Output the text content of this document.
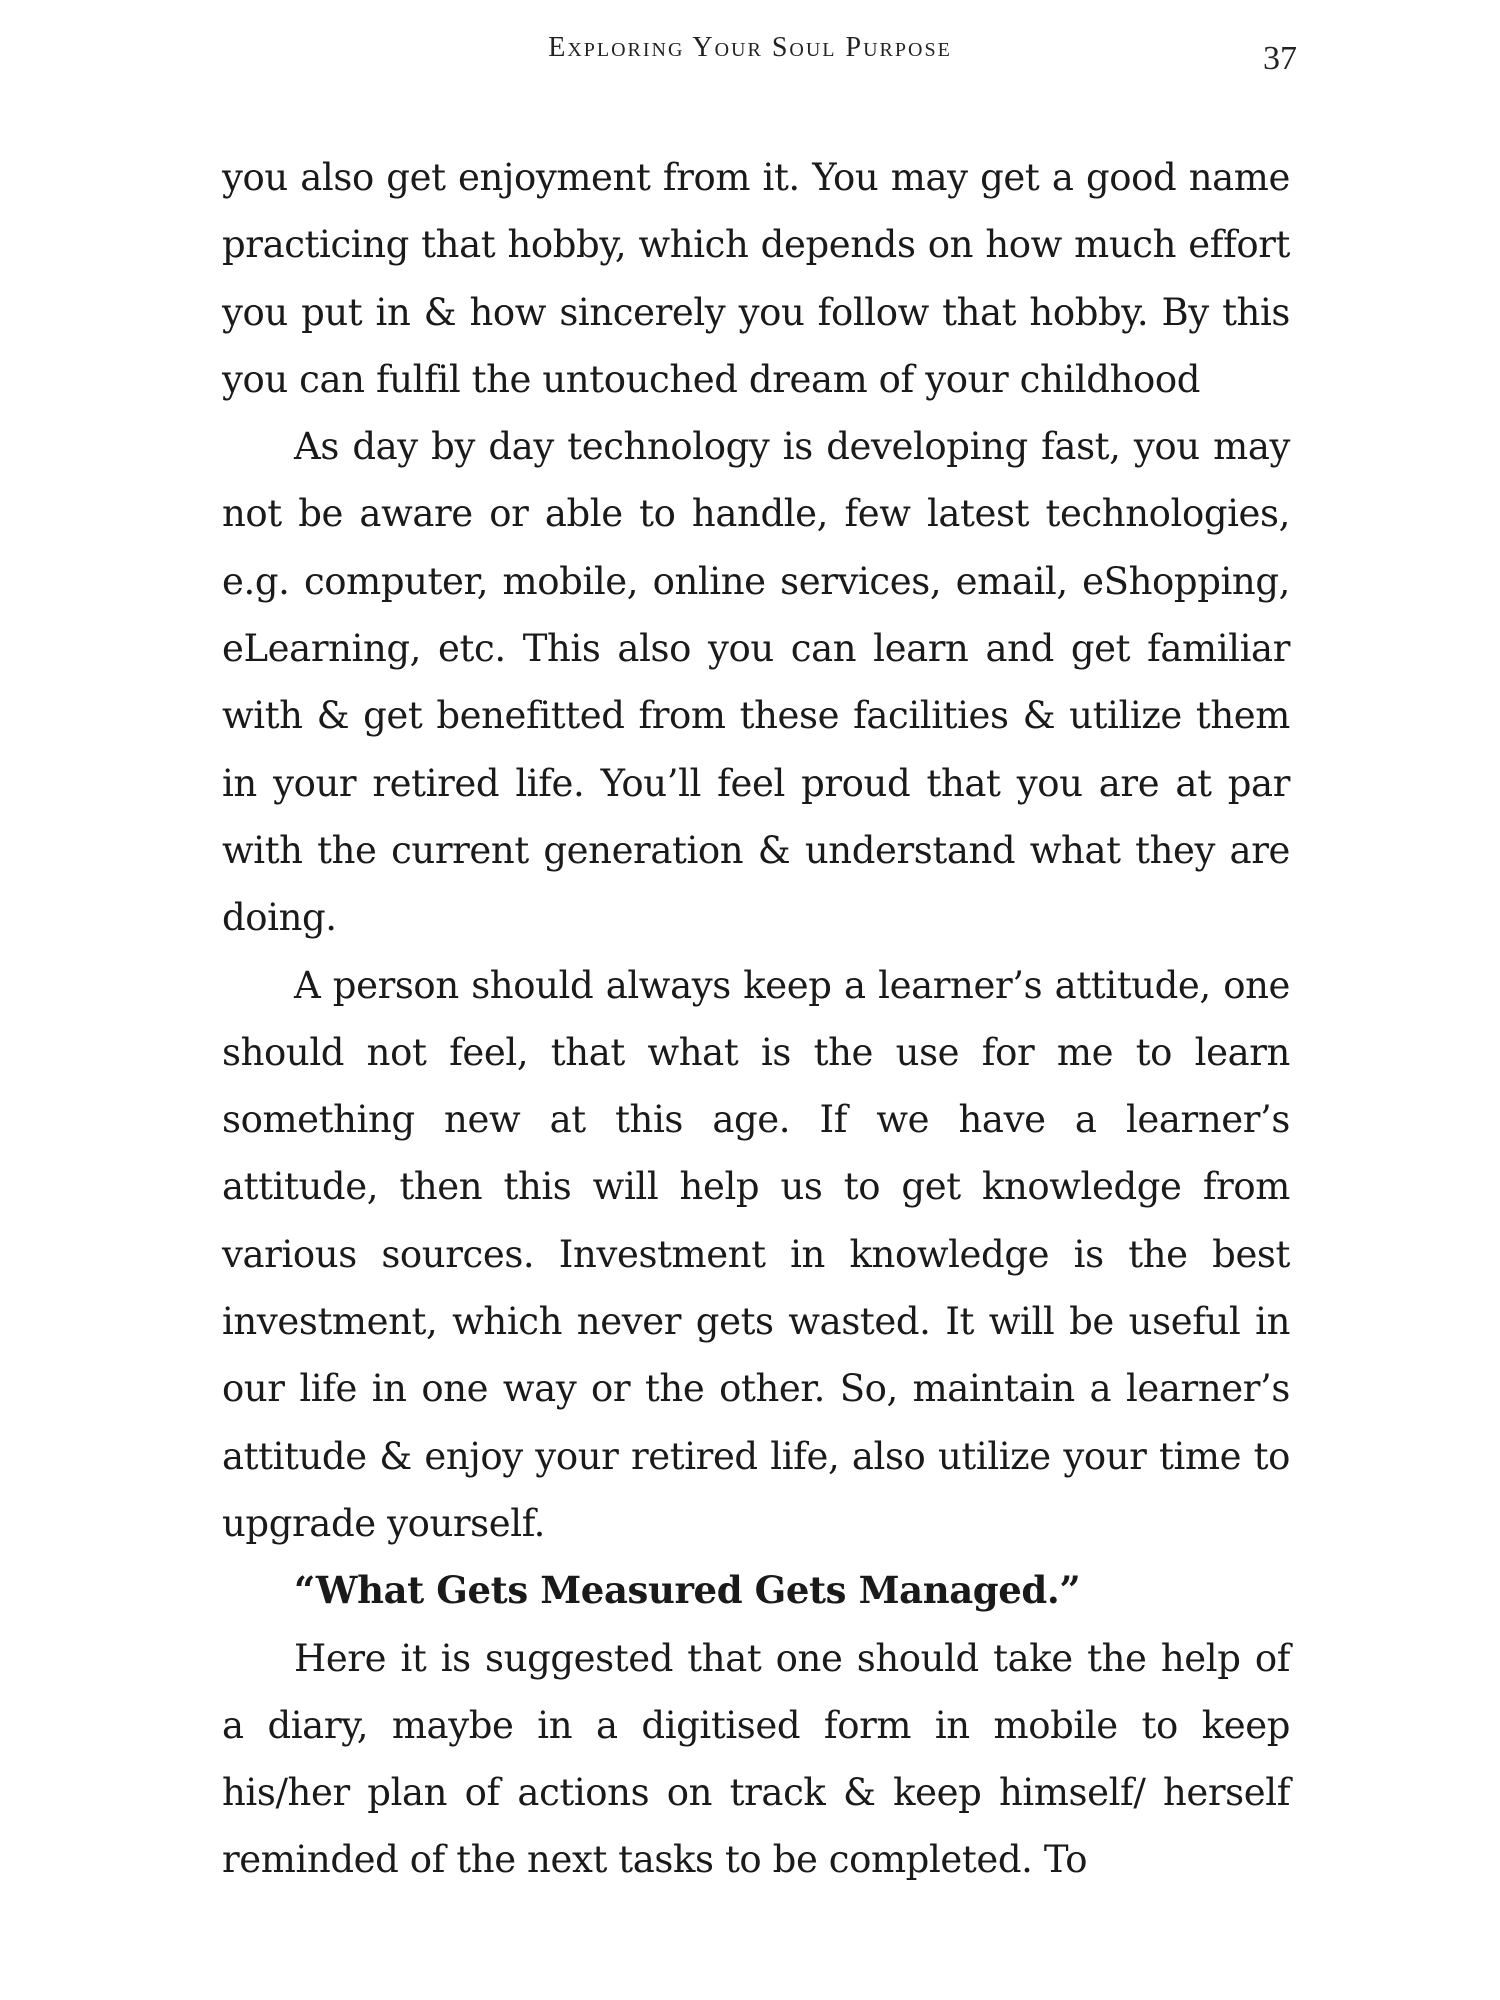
Exploring Your Soul Purpose	37

you also get enjoyment from it. You may get a good name practicing that hobby, which depends on how much effort you put in & how sincerely you follow that hobby. By this you can fulfil the untouched dream of your childhood

As day by day technology is developing fast, you may not be aware or able to handle, few latest technologies, e.g. computer, mobile, online services, email, eShopping, eLearning, etc. This also you can learn and get familiar with & get benefitted from these facilities & utilize them in your retired life. You’ll feel proud that you are at par with the current generation & understand what they are doing.

A person should always keep a learner’s attitude, one should not feel, that what is the use for me to learn something new at this age. If we have a learner’s attitude, then this will help us to get knowledge from various sources. Investment in knowledge is the best investment, which never gets wasted. It will be useful in our life in one way or the other. So, maintain a learner’s attitude & enjoy your retired life, also utilize your time to upgrade yourself.

“What Gets Measured Gets Managed.”

Here it is suggested that one should take the help of a diary, maybe in a digitised form in mobile to keep his/her plan of actions on track & keep himself/ herself reminded of the next tasks to be completed. To
